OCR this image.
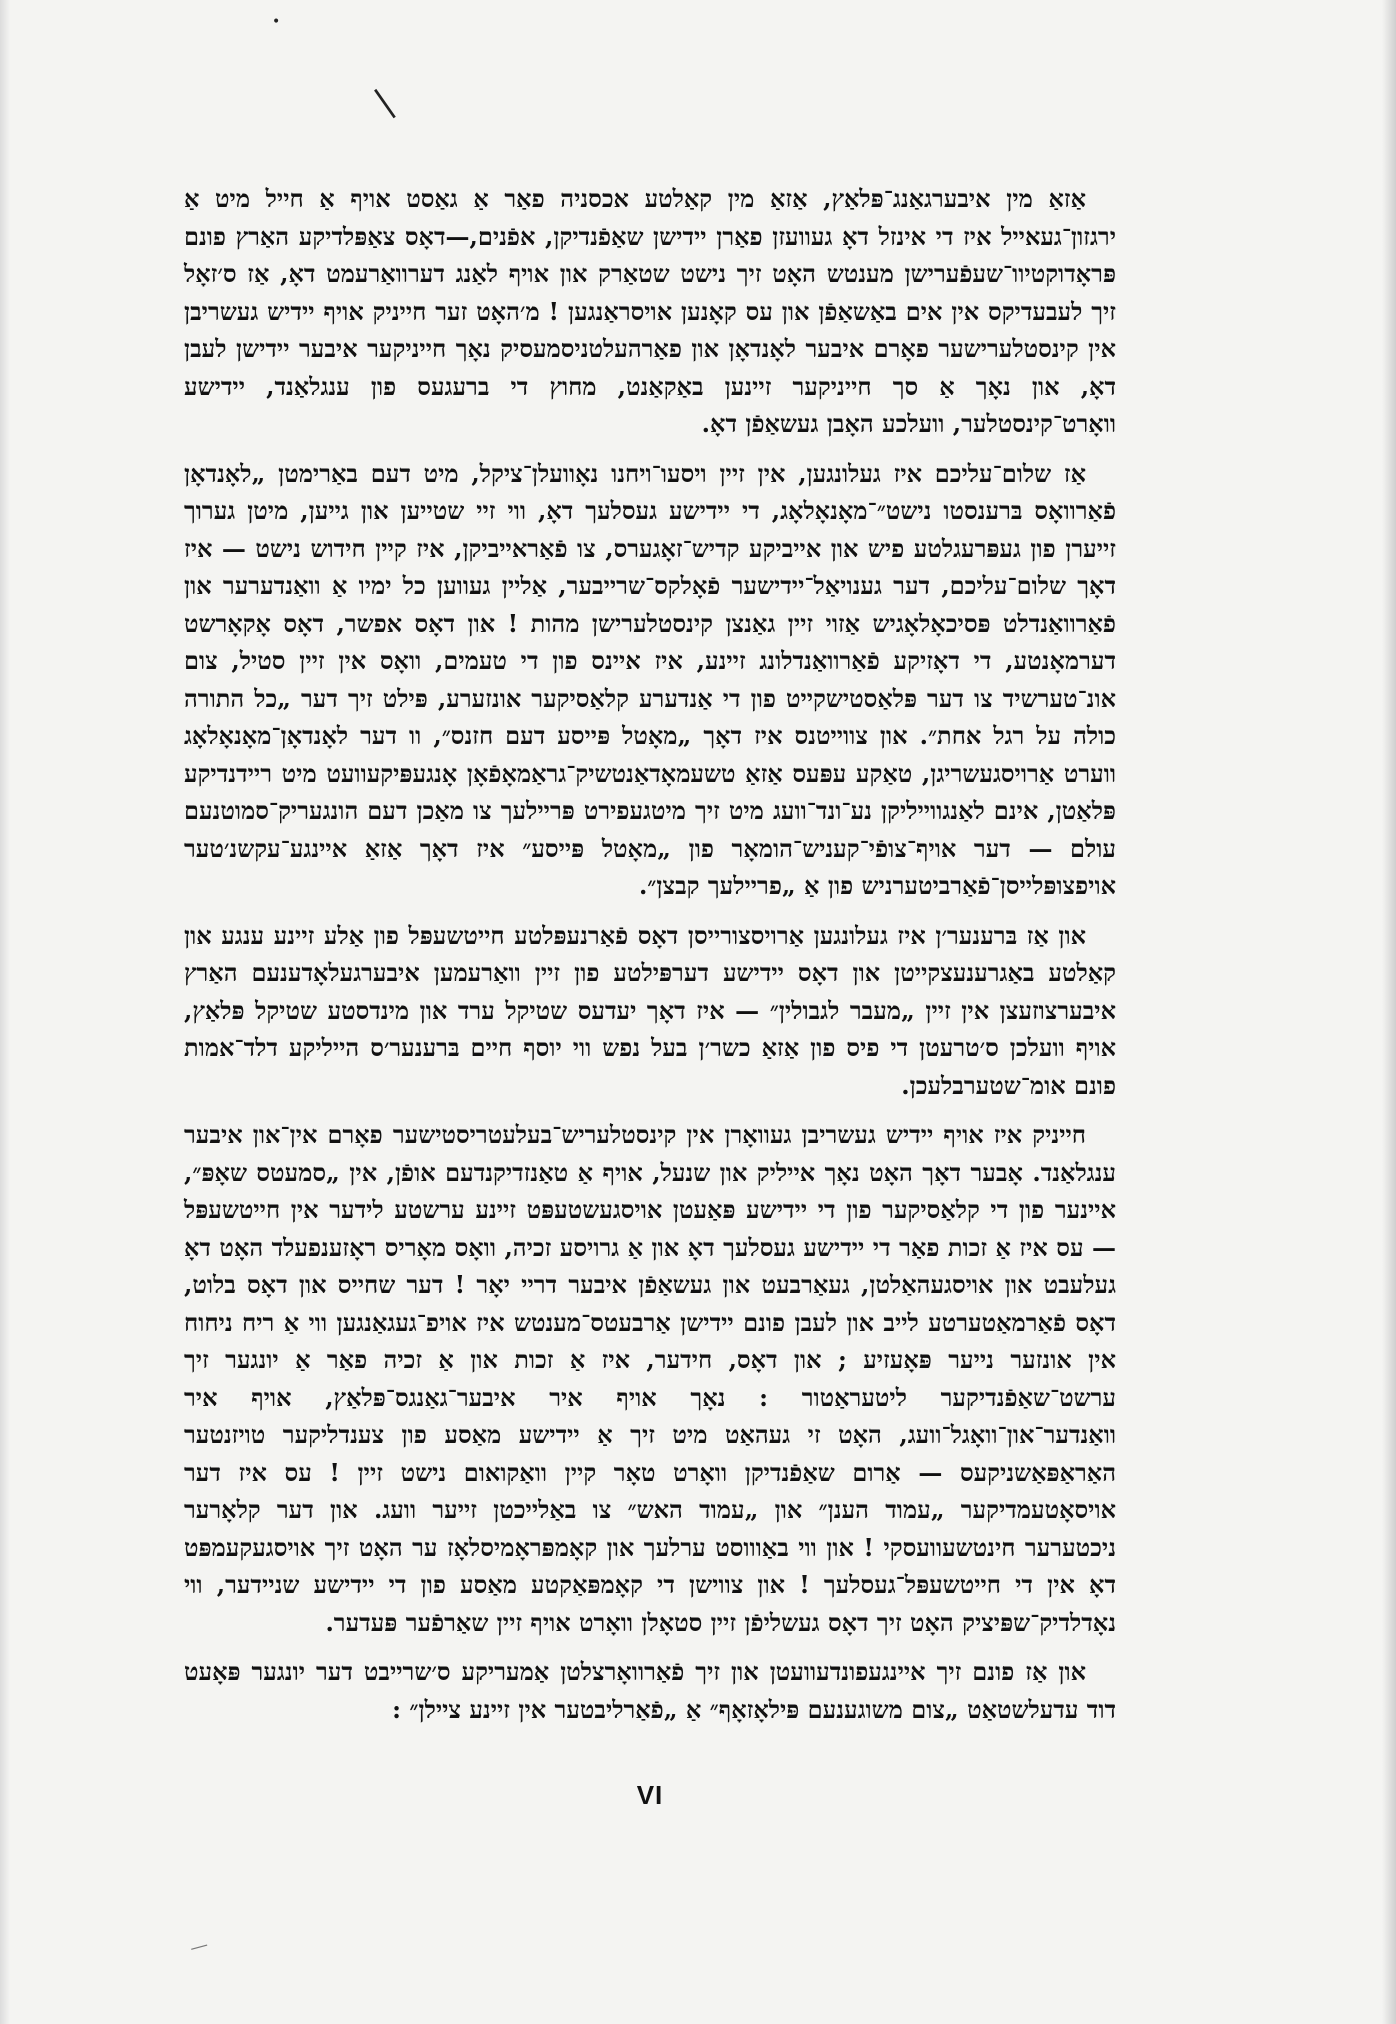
•
|
—

אַזאַ מין איבערגאַנג־פּלאַץ, אַזאַ מין קאַלטע אכסניה פאַר אַ גאַסט אויף אַ חייל מיט אַ ירגזון־געאייל איז די אינזל דאָ געוועזן פאַרן יידישן שאַפֿנדיקן, אפֿנים,—דאָס צאַפּלדיקע האַרץ פונם פּראָדוקטיוו־שעפֿערישן מענטש האָט זיך נישט שטאַרק און אויף לאַנג דערוואַרעמט דאָ, אַז ס׳זאָל זיך לעבעדיקס אין אים באַשאַפֿן און עס קאָנען אויסראַנגען ! מ׳האָט זער חייניק אויף יידיש געשריבן אין קינסטלערישער פאָרם איבער לאָנדאָן און פאַרהעלטניסמעסיק נאָך חייניקער איבער יידישן לעבן דאָ, און נאָך אַ סך חייניקער זיינען באַקאַנט, מחוץ די ברעגעס פון ענגלאַנד, יידישע וואָרט־קינסטלער, וועלכע האָבן געשאַפֿן דאָ.

אַז שלום־עליכם איז געלונגען, אין זיין ויסעו־ויחנו נאָוועלן־ציקל, מיט דעם באַרימטן „לאָנדאָן פֿאַרוואָס בּרענסטו נישט״־מאָנאָלאָג, די יידישע געסלעך דאָ, ווי זיי שטייען און גייען, מיטן גערוך זייערן פון געפּרעגלטע פיש און אייביקע קדיש־זאָגערס, צו פֿאַראייביקן, איז קיין חידוש נישט — איז דאָך שלום־עליכם, דער גענויאַל־יידישער פֿאָלקס־שרייבער, אַליין געווען כל ימיו אַ וואַנדערער און פֿאַרוואַנדלט פּסיכאָלאָגיש אַזוי זיין גאַנצן קינסטלערישן מהות ! און דאָס אפשר, דאָס אָקאָרשט דערמאָנטע, די דאָזיקע פֿאַרוואַנדלונג זיינע, איז איינס פון די טעמים, וואָס אין זיין סטיל, צום אונ־טערשיד צו דער פּלאַסטישקייט פון די אַנדערע קלאַסיקער אונזערע, פּילט זיך דער „כל התורה כולה על רגל אחת״. און צווייטנס איז דאָך „מאָטל פּייסע דעם חזנס״, וו דער לאָנדאָן־מאָנאָלאָג ווערט אַרויסגעשריגן, טאַקע עפּעס אַזאַ טשעמאָדאַנטשיק־גראַמאָפֿאָן אָנגעפּיקעוועט מיט ריידנדיקע פּלאַטן, אינם לאַנגווייליקן נע־ונד־וועג מיט זיך מיטגעפירט פּריילעך צו מאַכן דעם הונגעריק־סמוטנעם עולם — דער אויף־צופֿי־קעניש־הומאָר פון „מאָטל פּייסע״ איז דאָך אַזאַ איינגע־עקשנ׳טער אויפצופּלייסן־פֿאַרביטערניש פון אַ „פריילעך קבצן״.

און אַז בּרענער׳ן איז געלונגען אַרויסצורייסן דאָס פֿאַרנעפּלטע חייטשעפּל פון אַלע זיינע ענגע און קאַלטע באַגרענעצקייטן און דאָס יידישע דערפּילטע פון זיין וואַרעמען איבערגעלאָדענעם האַרץ איבערצוזעצן אין זיין „מעבר לגבולין״ — איז דאָך יעדעס שטיקל ערד און מינדסטע שטיקל פּלאַץ, אויף וועלכן ס׳טרעטן די פיס פון אַזאַ כשר׳ן בעל נפש ווי יוסף חיים בּרענער׳ס הייליקע דלד־אמות פונם אומ־שטערבלעכן.

חייניק איז אויף יידיש געשריבן געוואָרן אין קינסטלעריש־בעלעטריסטישער פאָרם אין־און איבער ענגלאַנד. אָבער דאָך האָט נאָך אייליק און שנעל, אויף אַ טאַנזדיקנדעם אופֿן, אין „סמעטס שאָפּ״, איינער פון די קלאַסיקער פון די יידישע פּאַעטן אויסגעשטעפּט זיינע ערשטע לידער אין חייטשעפּל — עס איז אַ זכות פאַר די יידישע געסלעך דאָ און אַ גרויסע זכיה, וואָס מאָריס ראָזענפעלד האָט דאָ געלעבט און אויסגעהאַלטן, געאַרבעט און געשאַפֿן איבער דריי יאָר ! דער שחייס און דאָס בלוט, דאָס פֿאַרמאַטערטע לייב און לעבן פונם יידישן אַרבעטס־מענטש איז אויפ־געגאַנגען ווי אַ ריח ניחוח אין אונזער נייער פּאָעזיע ; און דאָס, חידער, איז אַ זכות און אַ זכיה פאַר אַ יונגער זיך ערשט־שאַפֿנדיקער ליטעראַטור : נאָך אויף איר איבער־גאַנגס־פּלאַץ, אויף איר וואַנדער־און־וואָגל־וועג, האָט זי געהאַט מיט זיך אַ יידישע מאַסע פון צענדליקער טויזנטער האַראַפּאַשניקעס — אַרום שאַפֿנדיקן וואָרט טאָר קיין וואַקואום נישט זיין ! עס איז דער אויסאָטעמדיקער „עמוד הענן״ און „עמוד האש״ צו באַלייכטן זייער וועג. און דער קלאָרער ניכטערער חינטשעוועסקי ! און ווי באַוווסט ערלעך און קאָמפּראָמיסלאָז ער האָט זיך אויסגעקעמפּט דאָ אין די חייטשעפּל־געסלעך ! און צווישן די קאָמפּאַקטע מאַסע פון די יידישע שניידער, ווי נאָדלדיק־שפּיציק האָט זיך דאָס געשליפֿן זיין סטאָלן וואָרט אויף זיין שאַרפֿער פּעדער.

און אַז פונם זיך איינגעפונדעוועטן און זיך פֿאַרוואָרצלטן אַמעריקע ס׳שרייבט דער יונגער פּאָעט דוד עדעלשטאַט „צום משוגענעם פּילאָזאָף״ אַ „פֿאַרליבטער אין זיינע ציילן״ :

VI
